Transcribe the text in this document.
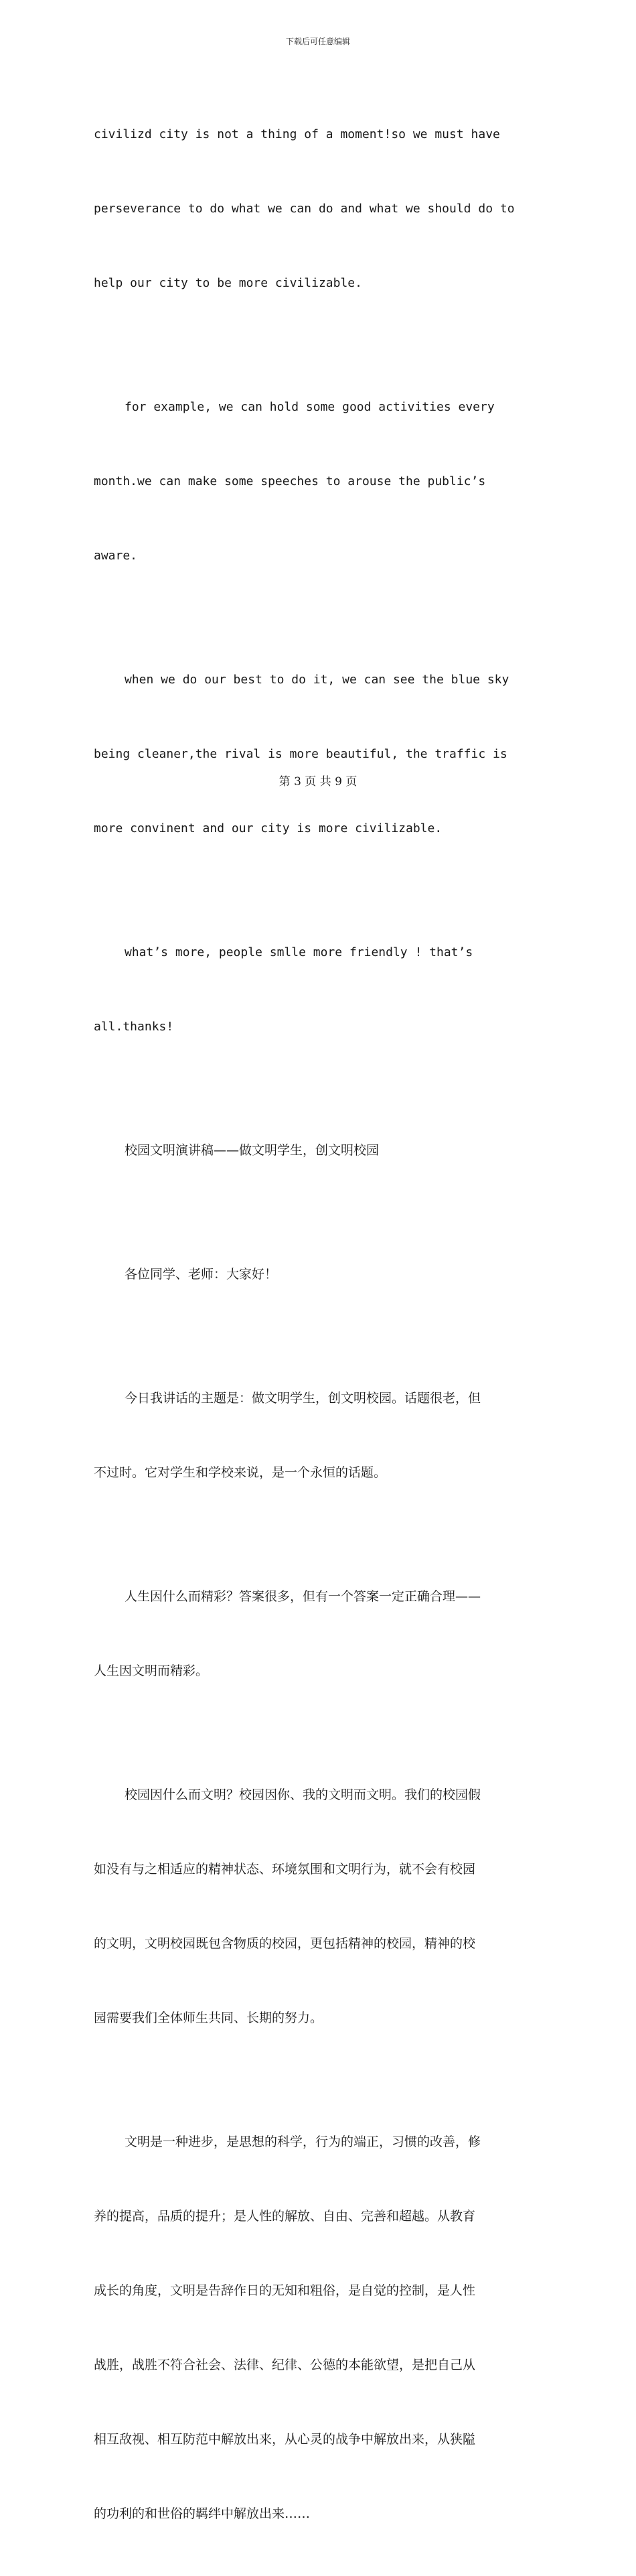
下载后可任意编辑

civilizd city is not a thing of a moment!so we must have

perseverance to do what we can do and what we should do to

help our city to be more civilizable.

for example, we can hold some good activities every

month.we can make some speeches to arouse the public’s

aware.

when we do our best to do it, we can see the blue sky

being cleaner,the rival is more beautiful, the traffic is

more convinent and our city is more civilizable.

what’s more, people smlle more friendly ! that’s

all.thanks!

校园文明演讲稿——做文明学生，创文明校园

各位同学、老师：大家好！

今日我讲话的主题是：做文明学生，创文明校园。话题很老，但

不过时。它对学生和学校来说，是一个永恒的话题。

人生因什么而精彩？答案很多，但有一个答案一定正确合理——

人生因文明而精彩。

校园因什么而文明？校园因你、我的文明而文明。我们的校园假

如没有与之相适应的精神状态、环境氛围和文明行为，就不会有校园

的文明，文明校园既包含物质的校园，更包括精神的校园，精神的校

园需要我们全体师生共同、长期的努力。

文明是一种进步，是思想的科学，行为的端正，习惯的改善，修

养的提高，品质的提升；是人性的解放、自由、完善和超越。从教育

成长的角度，文明是告辞作日的无知和粗俗，是自觉的控制，是人性

战胜，战胜不符合社会、法律、纪律、公德的本能欲望，是把自己从

相互敌视、相互防范中解放出来，从心灵的战争中解放出来，从狭隘

的功利的和世俗的羁绊中解放出来……

第 3 页 共 9 页
